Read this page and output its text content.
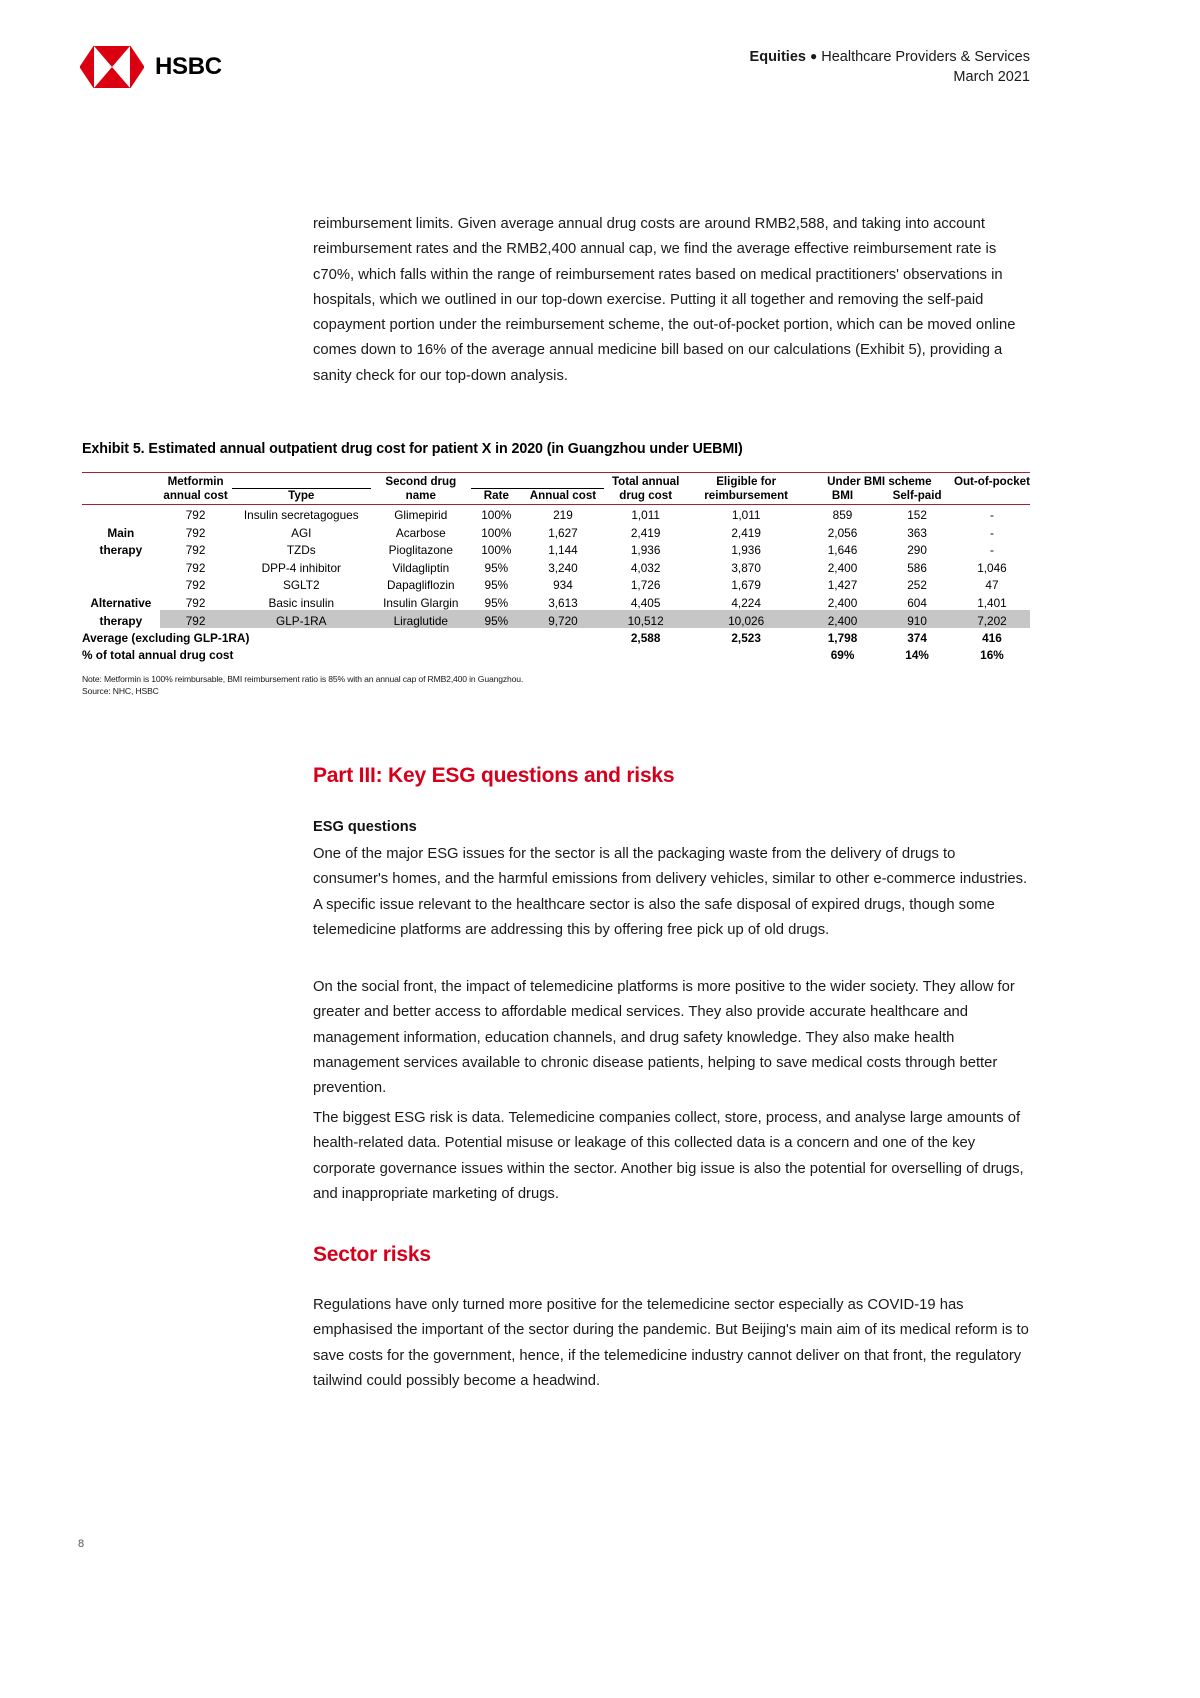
HSBC	Equities ● Healthcare Providers & Services
March 2021
reimbursement limits. Given average annual drug costs are around RMB2,588, and taking into account reimbursement rates and the RMB2,400 annual cap, we find the average effective reimbursement rate is c70%, which falls within the range of reimbursement rates based on medical practitioners' observations in hospitals, which we outlined in our top-down exercise. Putting it all together and removing the self-paid copayment portion under the reimbursement scheme, the out-of-pocket portion, which can be moved online comes down to 16% of the average annual medicine bill based on our calculations (Exhibit 5), providing a sanity check for our top-down analysis.
Exhibit 5. Estimated annual outpatient drug cost for patient X in 2020 (in Guangzhou under UEBMI)
	Metformin		Second drug			Total annual	Eligible for	Under BMI scheme		Out-of-pocket
	annual cost	Type	name	Rate	Annual cost	drug cost	reimbursement	BMI	Self-paid	
	792	Insulin secretagogues	Glimepirid	100%	219	1,011	1,011	859	152	-
Main	792	AGI	Acarbose	100%	1,627	2,419	2,419	2,056	363	-
therapy	792	TZDs	Pioglitazone	100%	1,144	1,936	1,936	1,646	290	-
	792	DPP-4 inhibitor	Vildagliptin	95%	3,240	4,032	3,870	2,400	586	1,046
	792	SGLT2	Dapagliflozin	95%	934	1,726	1,679	1,427	252	47
Alternative	792	Basic insulin	Insulin Glargin	95%	3,613	4,405	4,224	2,400	604	1,401
therapy	792	GLP-1RA	Liraglutide	95%	9,720	10,512	10,026	2,400	910	7,202
Average (excluding GLP-1RA)						2,588	2,523	1,798	374	416
% of total annual drug cost								69%	14%	16%
Note: Metformin is 100% reimbursable, BMI reimbursement ratio is 85% with an annual cap of RMB2,400 in Guangzhou.
Source: NHC, HSBC
Part III: Key ESG questions and risks
ESG questions
One of the major ESG issues for the sector is all the packaging waste from the delivery of drugs to consumer's homes, and the harmful emissions from delivery vehicles, similar to other e-commerce industries. A specific issue relevant to the healthcare sector is also the safe disposal of expired drugs, though some telemedicine platforms are addressing this by offering free pick up of old drugs.
On the social front, the impact of telemedicine platforms is more positive to the wider society. They allow for greater and better access to affordable medical services. They also provide accurate healthcare and management information, education channels, and drug safety knowledge. They also make health management services available to chronic disease patients, helping to save medical costs through better prevention.
The biggest ESG risk is data. Telemedicine companies collect, store, process, and analyse large amounts of health-related data. Potential misuse or leakage of this collected data is a concern and one of the key corporate governance issues within the sector. Another big issue is also the potential for overselling of drugs, and inappropriate marketing of drugs.
Sector risks
Regulations have only turned more positive for the telemedicine sector especially as COVID-19 has emphasised the important of the sector during the pandemic. But Beijing's main aim of its medical reform is to save costs for the government, hence, if the telemedicine industry cannot deliver on that front, the regulatory tailwind could possibly become a headwind.
8
